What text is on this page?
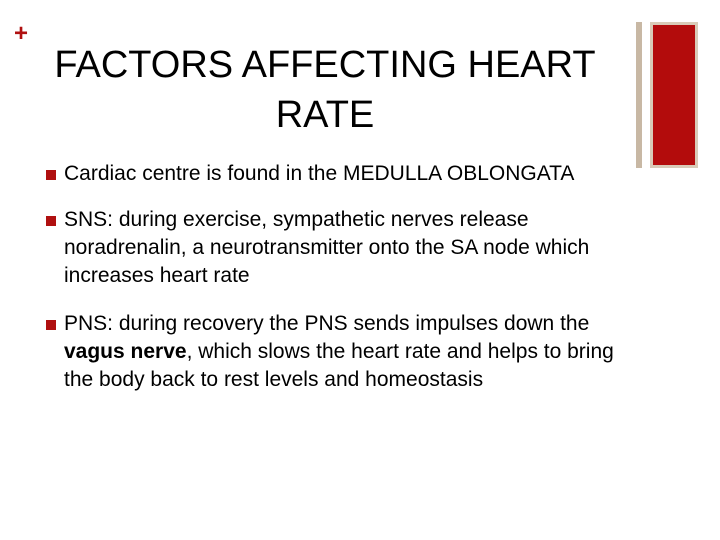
+
FACTORS AFFECTING HEART RATE
Cardiac centre is found in the MEDULLA OBLONGATA
SNS: during exercise, sympathetic nerves release noradrenalin, a neurotransmitter onto the SA node which increases heart rate
PNS: during recovery the PNS sends impulses down the vagus nerve, which slows the heart rate and helps to bring the body back to rest levels and homeostasis
